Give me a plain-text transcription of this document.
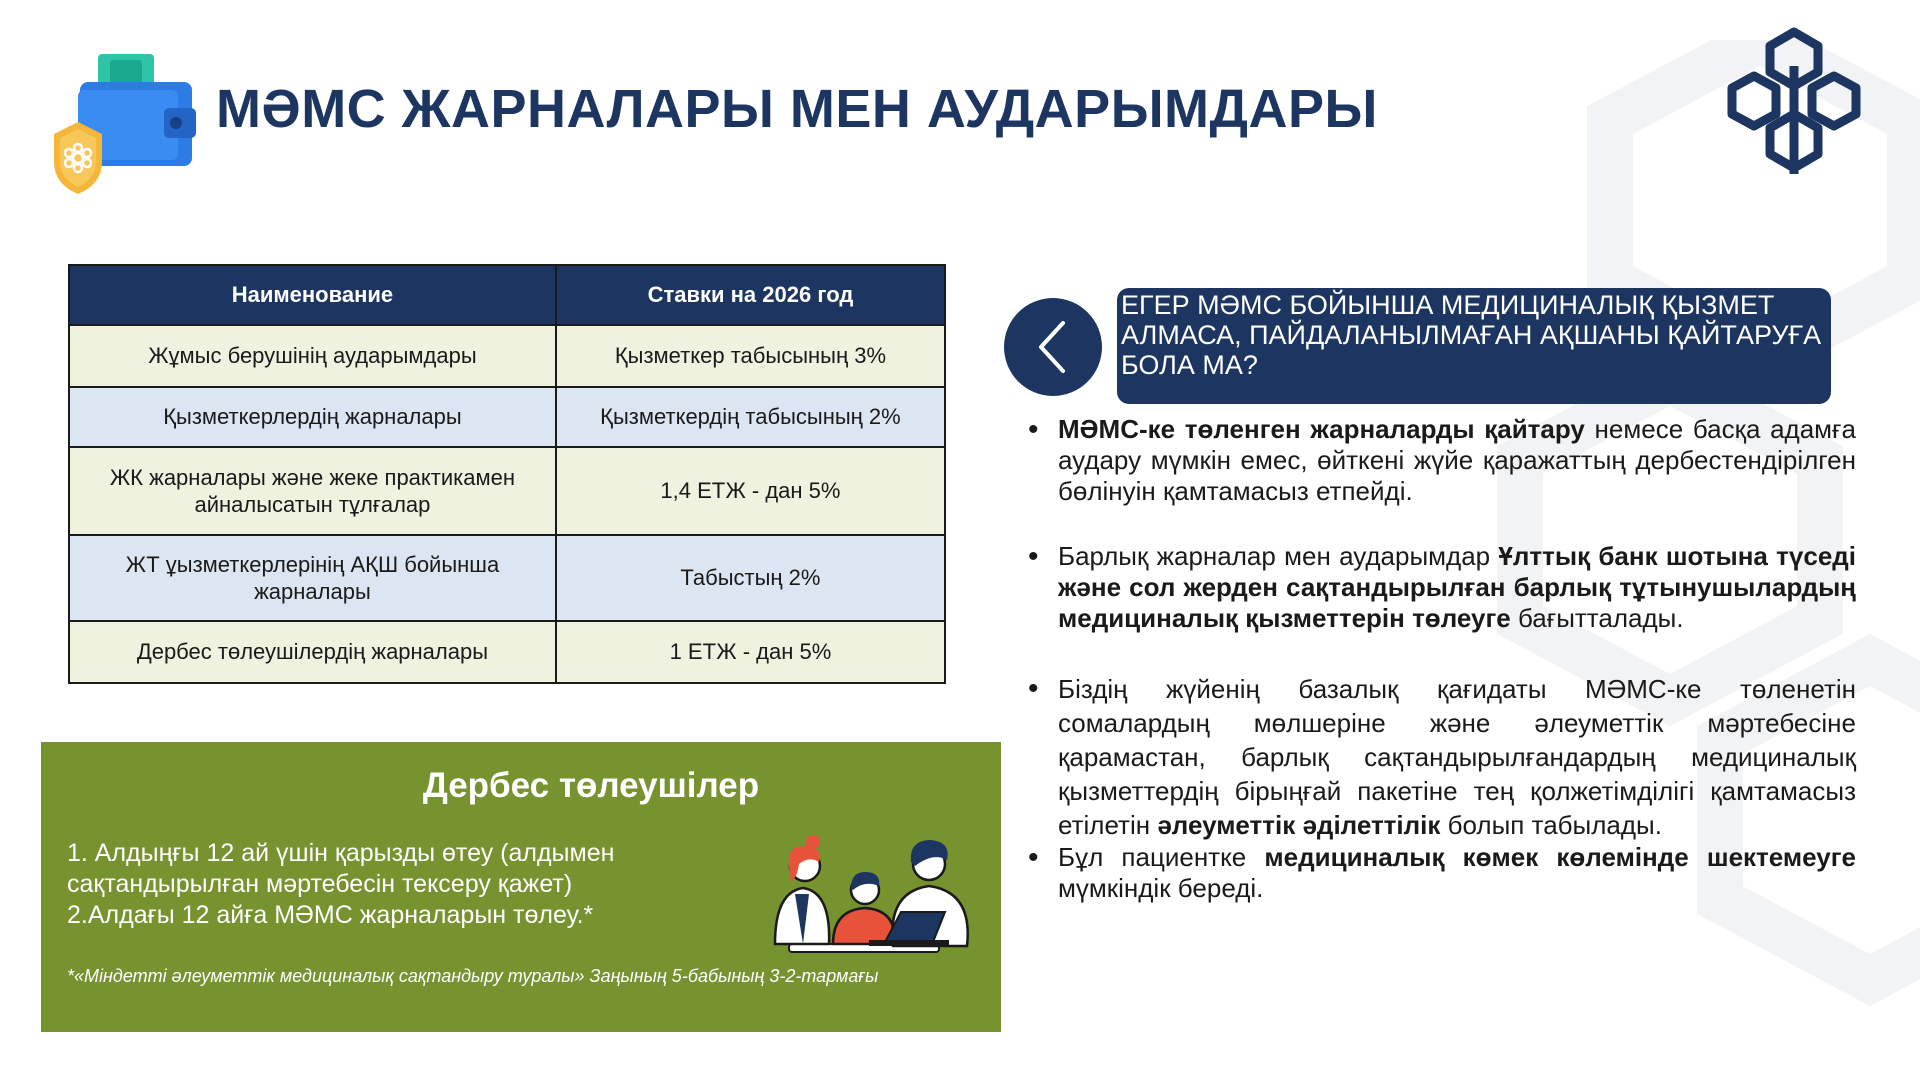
МӘМС ЖАРНАЛАРЫ МЕН АУДАРЫМДАРЫ
Наименование	Ставки на 2026 год
Жұмыс берушінің аударымдары	Қызметкер табысының 3%
Қызметкерлердің жарналары	Қызметкердің табысының 2%
ЖК жарналары және жеке практикамен айналысатын тұлғалар	1,4 ЕТЖ - дан 5%
ЖТ ұызметкерлерінің АҚШ бойынша жарналары	Табыстың 2%
Дербес төлеушілердің жарналары	1 ЕТЖ - дан 5%
Дербес төлеушілер
1. Алдыңғы 12 ай үшін қарызды өтеу (алдымен сақтандырылған мәртебесін тексеру қажет)
2.Алдағы 12 айға МӘМС жарналарын төлеу.*
*«Міндетті әлеуметтік медициналық сақтандыру туралы» Заңының 5-бабының 3-2-тармағы
ЕГЕР МӘМС БОЙЫНША МЕДИЦИНАЛЫҚ ҚЫЗМЕТ АЛМАСА, ПАЙДАЛАНЫЛМАҒАН АҚШАНЫ ҚАЙТАРУҒА БОЛА МА?

• МӘМС-ке төленген жарналарды қайтару немесе басқа адамға аудару мүмкін емес, өйткені жүйе қаражаттың дербестендірілген бөлінуін қамтамасыз етпейді.

• Барлық жарналар мен аударымдар Ұлттық банк шотына түседі және сол жерден сақтандырылған барлық тұтынушылардың медициналық қызметтерін төлеуге бағытталады.

• Біздің жүйенің базалық қағидаты МӘМС-ке төленетін сомалардың мөлшеріне және әлеуметтік мәртебесіне қарамастан, барлық сақтандырылғандардың медициналық қызметтердің бірыңғай пакетіне тең қолжетімділігі қамтамасыз етілетін әлеуметтік әділеттілік болып табылады.

• Бұл пациентке медициналық көмек көлемінде шектемеуге мүмкіндік береді.
